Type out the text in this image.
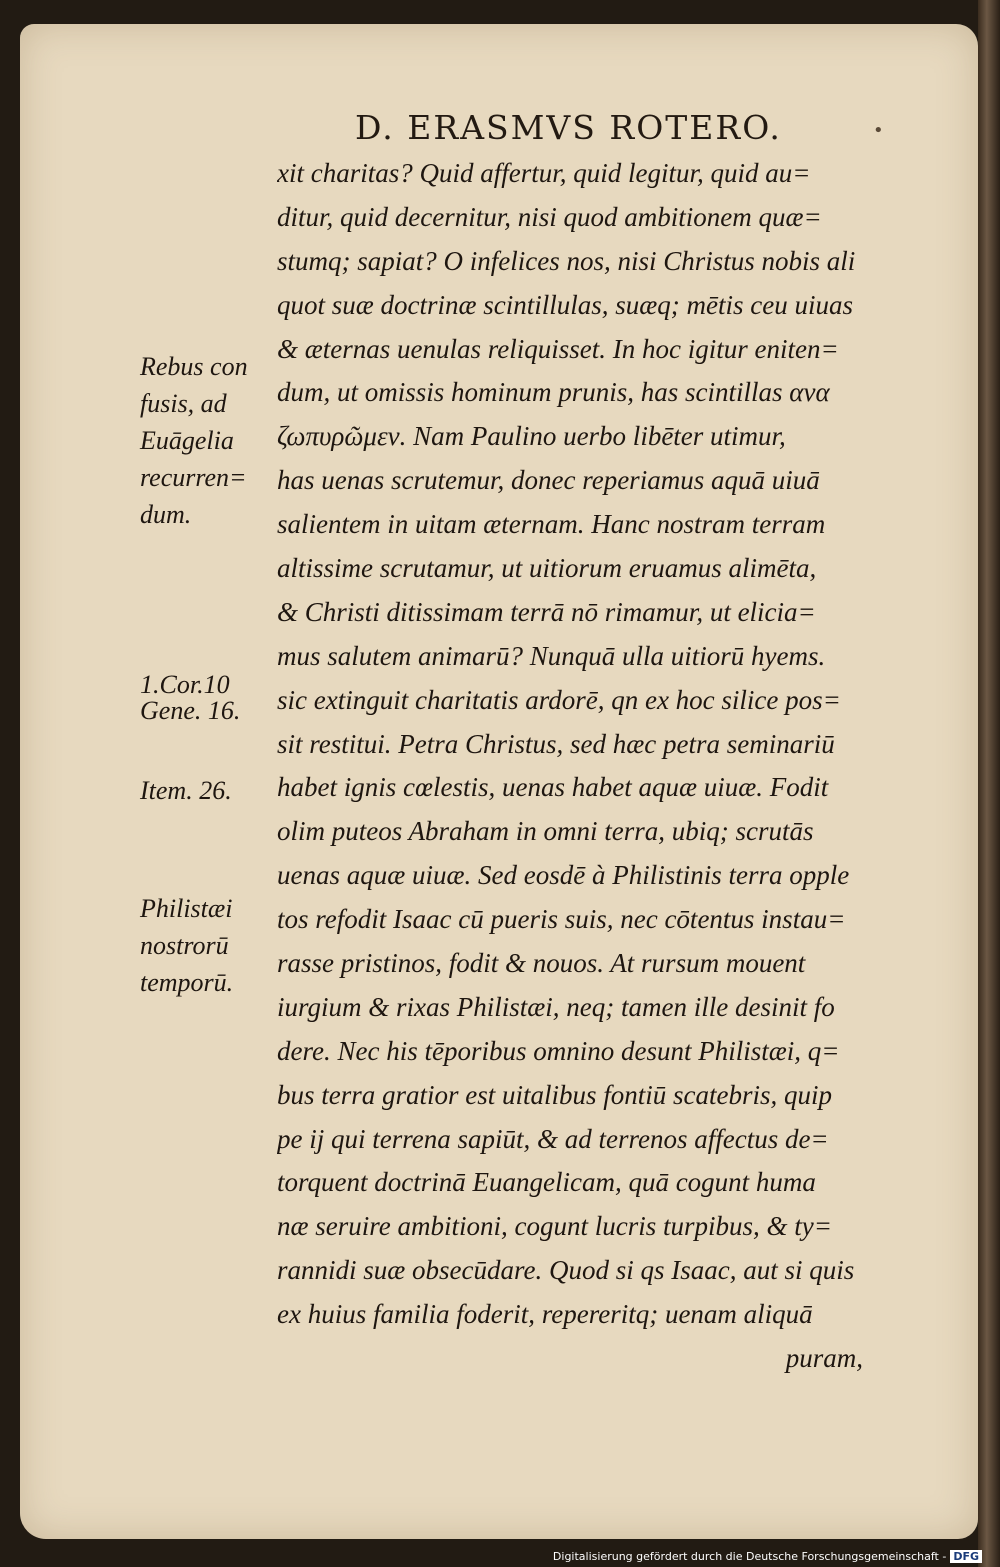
D. ERASMVS ROTERO.	•
xit charitas? Quid affertur, quid legitur, quid au=
ditur, quid decernitur, nisi quod ambitionem quæ=
stumq; sapiat? O infelices nos, nisi Christus nobis ali
quot suæ doctrinæ scintillulas, suæq; mētis ceu uiuas
& æternas uenulas reliquisset. In hoc igitur eniten=
dum, ut omissis hominum prunis, has scintillas ανα
ζωπυρῶμεν. Nam Paulino uerbo libēter utimur,
has uenas scrutemur, donec reperiamus aquā uiuā
salientem in uitam æternam. Hanc nostram terram
altissime scrutamur, ut uitiorum eruamus alimēta,
& Christi ditissimam terrā nō rimamur, ut elicia=
mus salutem animarū? Nunquā ulla uitiorū hyems.
sic extinguit charitatis ardorē, qn ex hoc silice pos=
sit restitui. Petra Christus, sed hæc petra seminariū
habet ignis cœlestis, uenas habet aquæ uiuæ. Fodit
olim puteos Abraham in omni terra, ubiq; scrutās
uenas aquæ uiuæ. Sed eosdē à Philistinis terra opple
tos refodit Isaac cū pueris suis, nec cōtentus instau=
rasse pristinos, fodit & nouos. At rursum mouent
iurgium & rixas Philistæi, neq; tamen ille desinit fo
dere. Nec his tēporibus omnino desunt Philistæi, q=
bus terra gratior est uitalibus fontiū scatebris, quip
pe ij qui terrena sapiūt, & ad terrenos affectus de=
torquent doctrinā Euangelicam, quā cogunt huma
næ seruire ambitioni, cogunt lucris turpibus, & ty=
rannidi suæ obsecūdare. Quod si qs Isaac, aut si quis
ex huius familia foderit, repereritq; uenam aliquā
puram,
Rebus con
fusis, ad
Euāgelia
recurren=
dum.
1.Cor.10
Gene. 16.
Item. 26.
Philistæi
nostrorū
temporū.
Digitalisierung gefördert durch die Deutsche Forschungsgemeinschaft - DFG
